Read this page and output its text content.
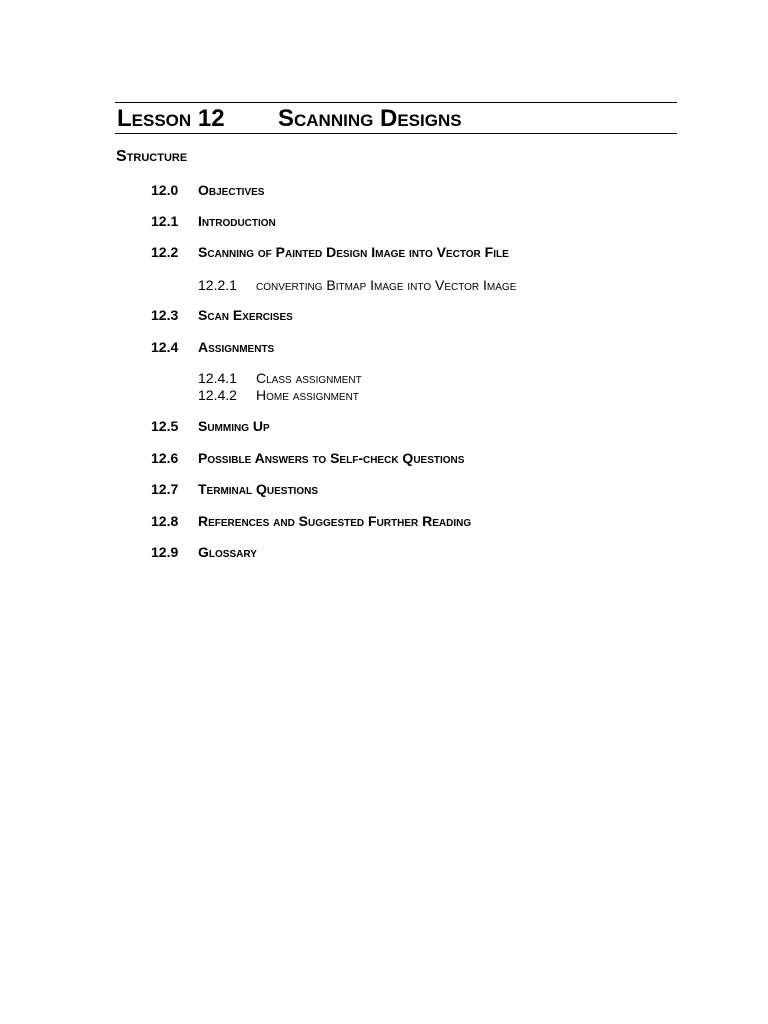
Lesson 12 Scanning Designs
Structure
12.0 Objectives
12.1 Introduction
12.2 Scanning of Painted Design Image into Vector File
12.2.1 converting Bitmap Image into Vector Image
12.3 Scan Exercises
12.4 Assignments
12.4.1 Class assignment
12.4.2 Home assignment
12.5 Summing Up
12.6 Possible Answers to Self-check Questions
12.7 Terminal Questions
12.8 References and Suggested Further Reading
12.9 Glossary
